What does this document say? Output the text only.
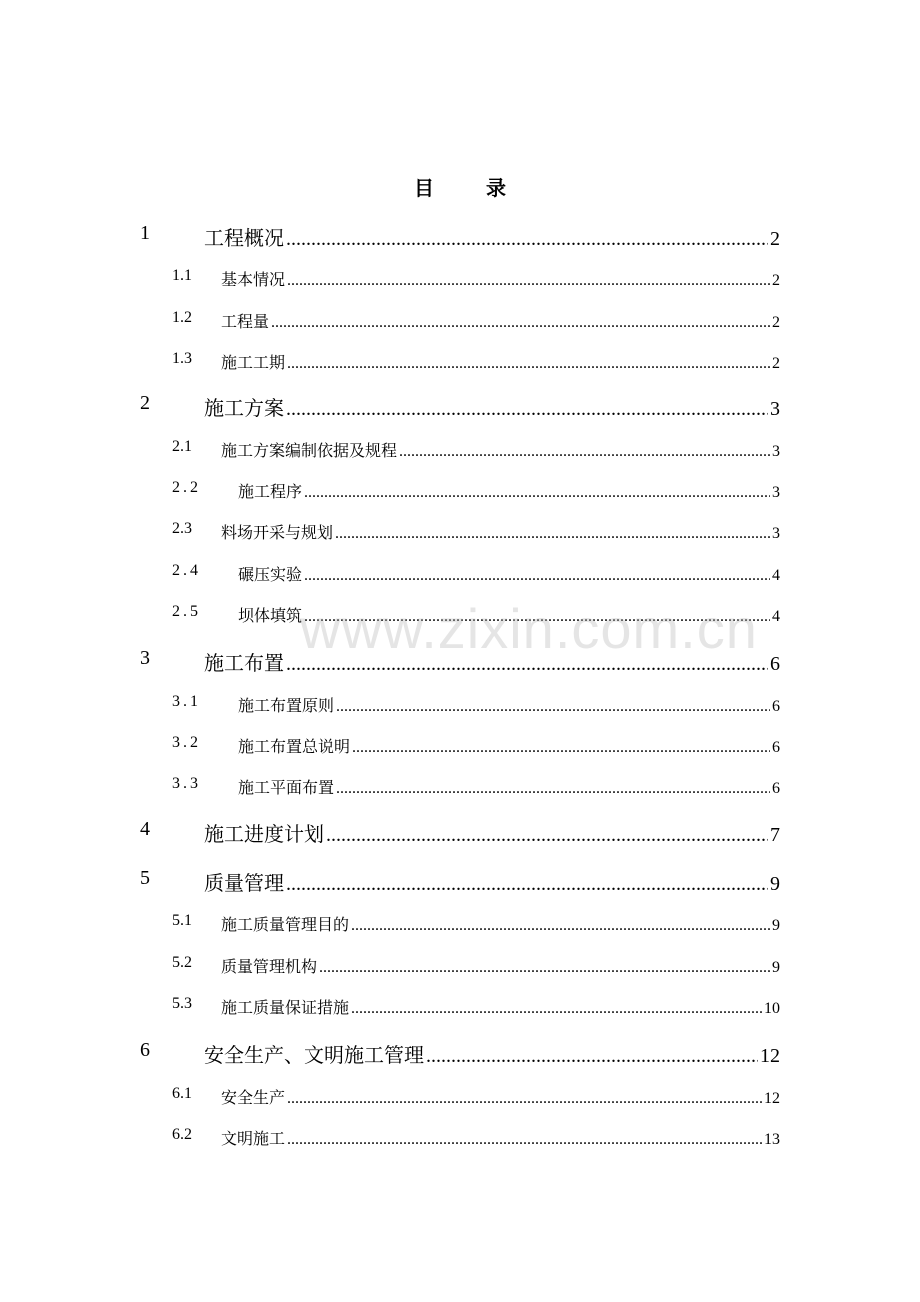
目	录
1	工程概况 .....	2
1.1 基本情况 .....	2
1.2 工程量 .....	2
1.3 施工工期 .....	2
2	施工方案 .....	3
2.1 施工方案编制依据及规程 .....	3
2.2 施工程序 .....	3
2.3 料场开采与规划 .....	3
2.4 碾压实验 .....	4
2.5 坝体填筑 .....	4
3	施工布置 .....	6
3.1 施工布置原则 .....	6
3.2 施工布置总说明 .....	6
3.3 施工平面布置 .....	6
4	施工进度计划 .....	7
5	质量管理 .....	9
5.1 施工质量管理目的 .....	9
5.2 质量管理机构 .....	9
5.3 施工质量保证措施 .....	10
6	安全生产、文明施工管理 .....	12
6.1 安全生产 .....	12
6.2 文明施工 .....	13
www.zixin.com.cn
